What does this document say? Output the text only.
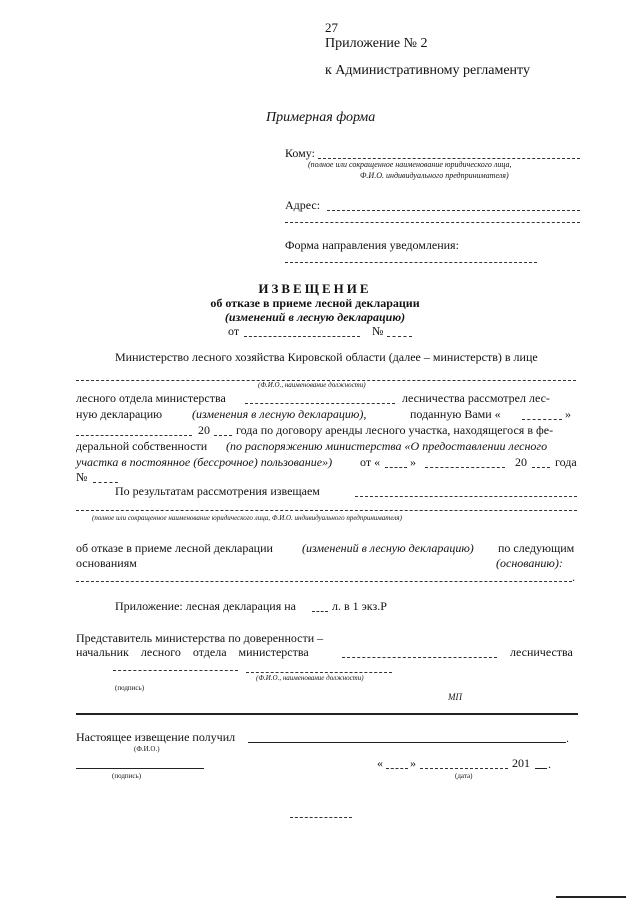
27
Приложение № 2
к Административному регламенту
Примерная форма
Кому:
(полное или сокращенное наименование юридического лица,
Ф.И.О. индивидуального предпринимателя)
Адрес:
Форма направления уведомления:
ИЗВЕЩЕНИЕ
об отказе в приеме лесной декларации
(изменений в лесную декларацию)
от	№
Министерство лесного хозяйства Кировской области (далее – министерств) в лице
(Ф.И.О., наименование должности)
лесного отдела министерства	лесничества рассмотрел лес-
ную декларацию (изменения в лесную декларацию),	поданную Вами «	»
20 года по договору аренды лесного участка, находящегося в фе-
деральной собственности (по распоряжению министерства «О предоставлении лесного
участка в постоянное (бессрочное) пользование») от « »	20 года
№
По результатам рассмотрения извещаем
(полное или сокращенное наименование юридического лица, Ф.И.О. индивидуального предпринимателя)
об отказе в приеме лесной декларации (изменений в лесную декларацию) по следующим
основаниям	(основанию):
.
Приложение: лесная декларация на	л. в 1 экз.Р
Представитель министерства по доверенности –
начальник лесного отдела министерства	лесничества
(Ф.И.О., наименование должности)
(подпись)
МП
Настоящее извещение получил	.
(Ф.И.О.)
(подпись)
« »	201 .
(дата)
